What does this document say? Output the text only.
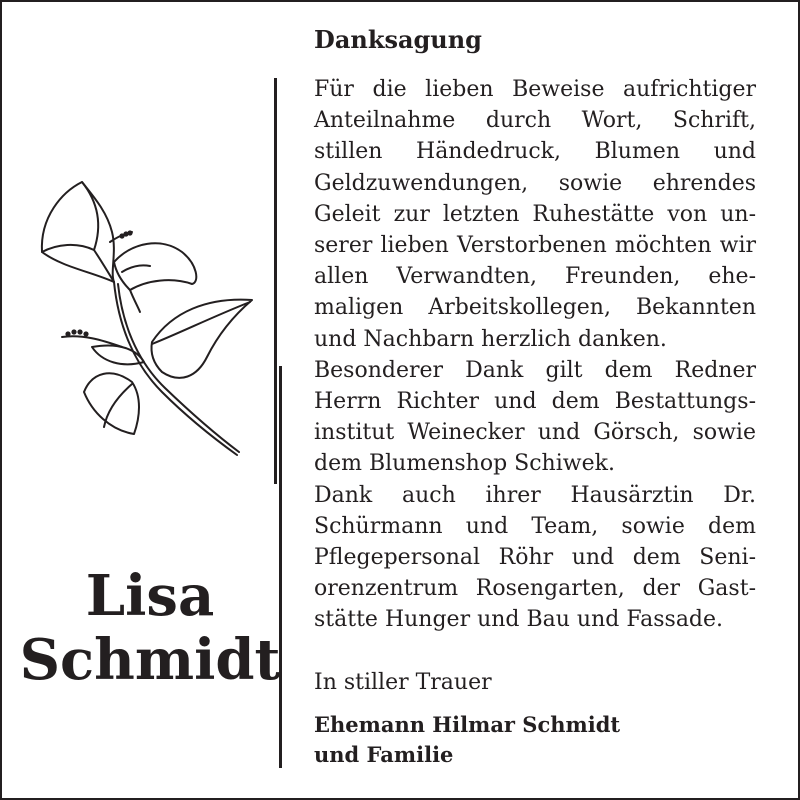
Danksagung

Für die lieben Beweise aufrichtiger Anteilnahme durch Wort, Schrift, stillen Händedruck, Blumen und Geldzuwendungen, sowie ehrendes Geleit zur letzten Ruhestätte von unserer lieben Verstorbenen möchten wir allen Verwandten, Freunden, ehemaligen Arbeitskollegen, Bekannten und Nachbarn herzlich danken.

Besonderer Dank gilt dem Redner Herrn Richter und dem Bestattungsinstitut Weinecker und Görsch, sowie dem Blumenshop Schiwek.

Dank auch ihrer Hausärztin Dr. Schürmann und Team, sowie dem Pflegepersonal Röhr und dem Seniorenzentrum Rosengarten, der Gaststätte Hunger und Bau und Fassade.

In stiller Trauer
Ehemann Hilmar Schmidt
und Familie
Lisa
Schmidt
